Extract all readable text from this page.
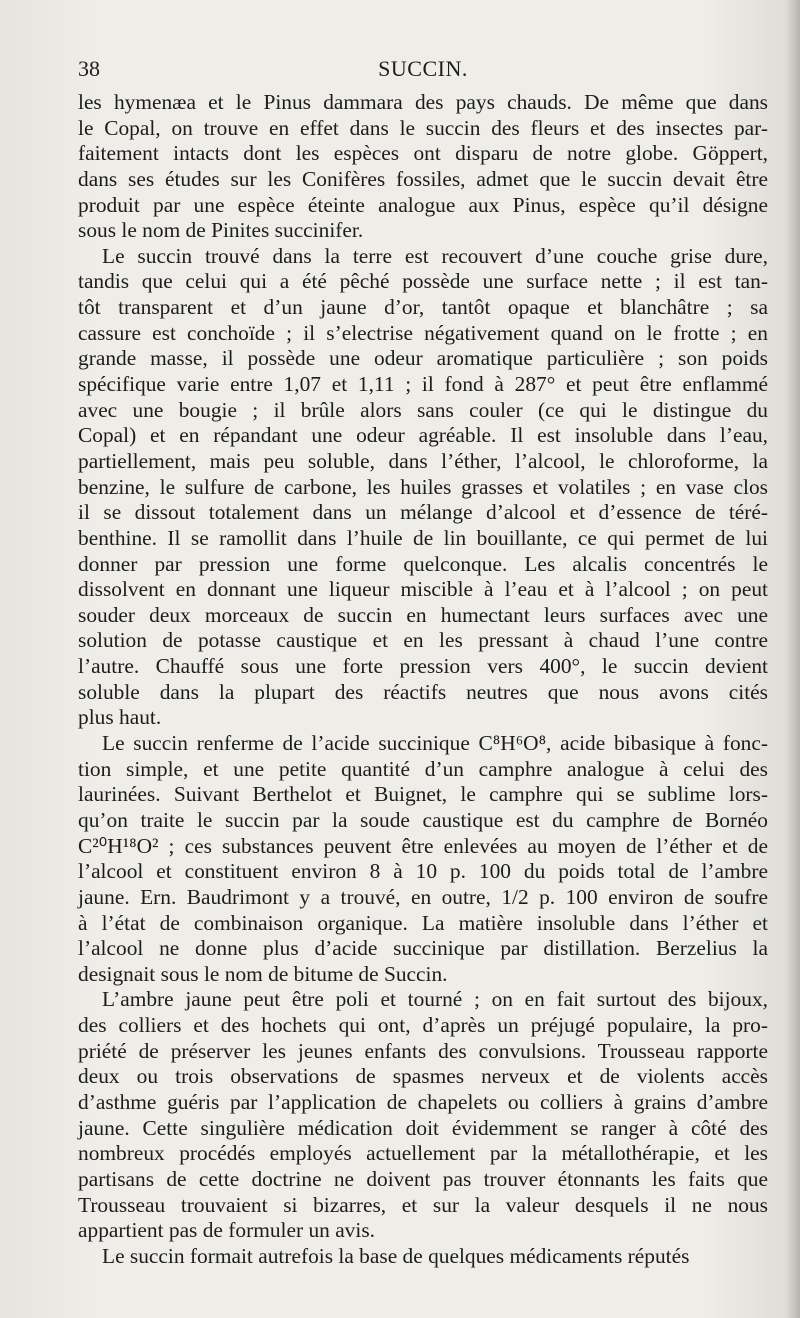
38	SUCCIN.
les hymenæa et le Pinus dammara des pays chauds. De même que dans
le Copal, on trouve en effet dans le succin des fleurs et des insectes par-
faitement intacts dont les espèces ont disparu de notre globe. Göppert,
dans ses études sur les Conifères fossiles, admet que le succin devait être
produit par une espèce éteinte analogue aux Pinus, espèce qu’il désigne
sous le nom de Pinites succinifer.
Le succin trouvé dans la terre est recouvert d’une couche grise dure,
tandis que celui qui a été pêché possède une surface nette ; il est tan-
tôt transparent et d’un jaune d’or, tantôt opaque et blanchâtre ; sa
cassure est conchoïde ; il s’electrise négativement quand on le frotte ; en
grande masse, il possède une odeur aromatique particulière ; son poids
spécifique varie entre 1,07 et 1,11 ; il fond à 287° et peut être enflammé
avec une bougie ; il brûle alors sans couler (ce qui le distingue du
Copal) et en répandant une odeur agréable. Il est insoluble dans l’eau,
partiellement, mais peu soluble, dans l’éther, l’alcool, le chloroforme, la
benzine, le sulfure de carbone, les huiles grasses et volatiles ; en vase clos
il se dissout totalement dans un mélange d’alcool et d’essence de téré-
benthine. Il se ramollit dans l’huile de lin bouillante, ce qui permet de lui
donner par pression une forme quelconque. Les alcalis concentrés le
dissolvent en donnant une liqueur miscible à l’eau et à l’alcool ; on peut
souder deux morceaux de succin en humectant leurs surfaces avec une
solution de potasse caustique et en les pressant à chaud l’une contre
l’autre. Chauffé sous une forte pression vers 400°, le succin devient
soluble dans la plupart des réactifs neutres que nous avons cités
plus haut.
Le succin renferme de l’acide succinique C⁸H⁶O⁸, acide bibasique à fonc-
tion simple, et une petite quantité d’un camphre analogue à celui des
laurinées. Suivant Berthelot et Buignet, le camphre qui se sublime lors-
qu’on traite le succin par la soude caustique est du camphre de Bornéo
C²⁰H¹⁸O² ; ces substances peuvent être enlevées au moyen de l’éther et de
l’alcool et constituent environ 8 à 10 p. 100 du poids total de l’ambre
jaune. Ern. Baudrimont y a trouvé, en outre, 1/2 p. 100 environ de soufre
à l’état de combinaison organique. La matière insoluble dans l’éther et
l’alcool ne donne plus d’acide succinique par distillation. Berzelius la
designait sous le nom de bitume de Succin.
L’ambre jaune peut être poli et tourné ; on en fait surtout des bijoux,
des colliers et des hochets qui ont, d’après un préjugé populaire, la pro-
priété de préserver les jeunes enfants des convulsions. Trousseau rapporte
deux ou trois observations de spasmes nerveux et de violents accès
d’asthme guéris par l’application de chapelets ou colliers à grains d’ambre
jaune. Cette singulière médication doit évidemment se ranger à côté des
nombreux procédés employés actuellement par la métallothérapie, et les
partisans de cette doctrine ne doivent pas trouver étonnants les faits que
Trousseau trouvaient si bizarres, et sur la valeur desquels il ne nous
appartient pas de formuler un avis.
Le succin formait autrefois la base de quelques médicaments réputés
